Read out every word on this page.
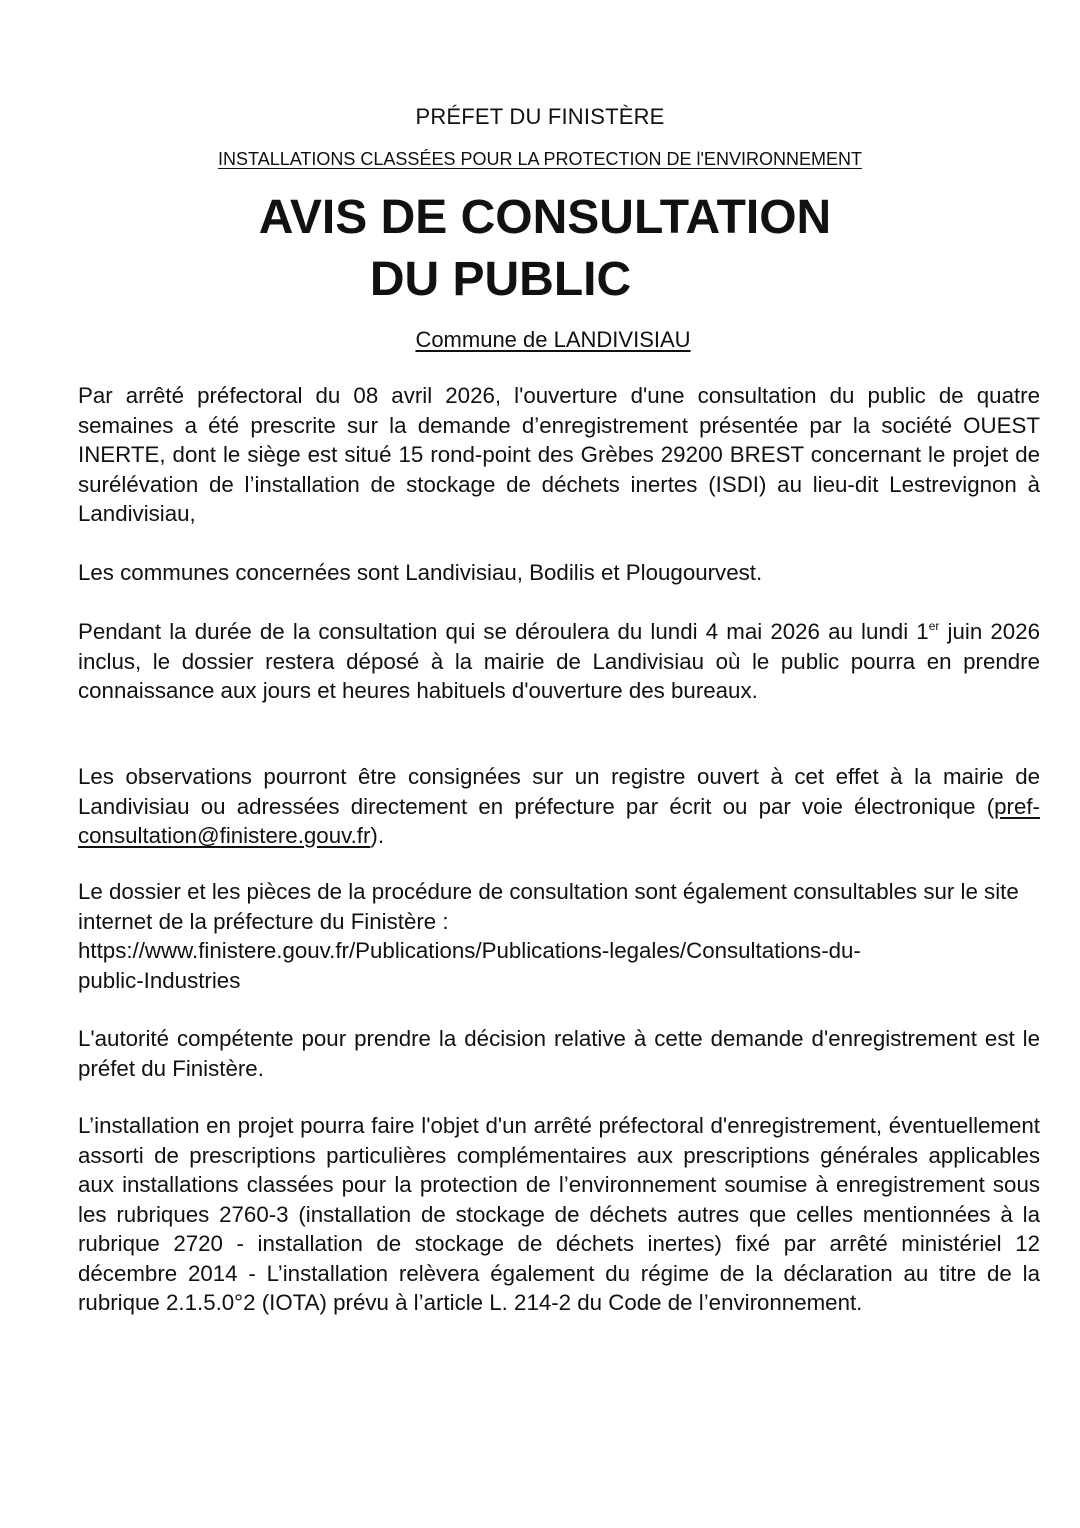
PRÉFET DU FINISTÈRE
INSTALLATIONS CLASSÉES POUR LA PROTECTION DE l'ENVIRONNEMENT
AVIS DE CONSULTATION
DU PUBLIC
Commune de LANDIVISIAU

Par arrêté préfectoral du 08 avril 2026, l'ouverture d'une consultation du public de quatre semaines a été prescrite sur la demande d’enregistrement présentée par la société OUEST INERTE, dont le siège est situé 15 rond-point des Grèbes 29200 BREST concernant le projet de surélévation de l’installation de stockage de déchets inertes (ISDI) au lieu-dit Lestrevignon à Landivisiau,

Les communes concernées sont Landivisiau, Bodilis et Plougourvest.

Pendant la durée de la consultation qui se déroulera du lundi 4 mai 2026 au lundi 1er juin 2026 inclus, le dossier restera déposé à la mairie de Landivisiau où le public pourra en prendre connaissance aux jours et heures habituels d'ouverture des bureaux.

Les observations pourront être consignées sur un registre ouvert à cet effet à la mairie de Landivisiau ou adressées directement en préfecture par écrit ou par voie électronique (pref-consultation@finistere.gouv.fr).

Le dossier et les pièces de la procédure de consultation sont également consultables sur le site internet de la préfecture du Finistère :
https://www.finistere.gouv.fr/Publications/Publications-legales/Consultations-du-
public-Industries

L'autorité compétente pour prendre la décision relative à cette demande d'enregistrement est le préfet du Finistère.

L’installation en projet pourra faire l'objet d'un arrêté préfectoral d'enregistrement, éventuellement assorti de prescriptions particulières complémentaires aux prescriptions générales applicables aux installations classées pour la protection de l’environnement soumise à enregistrement sous les rubriques 2760-3 (installation de stockage de déchets autres que celles mentionnées à la rubrique 2720 - installation de stockage de déchets inertes) fixé par arrêté ministériel 12 décembre 2014 - L’installation relèvera également du régime de la déclaration au titre de la rubrique 2.1.5.0°2 (IOTA) prévu à l’article L. 214-2 du Code de l’environnement.
